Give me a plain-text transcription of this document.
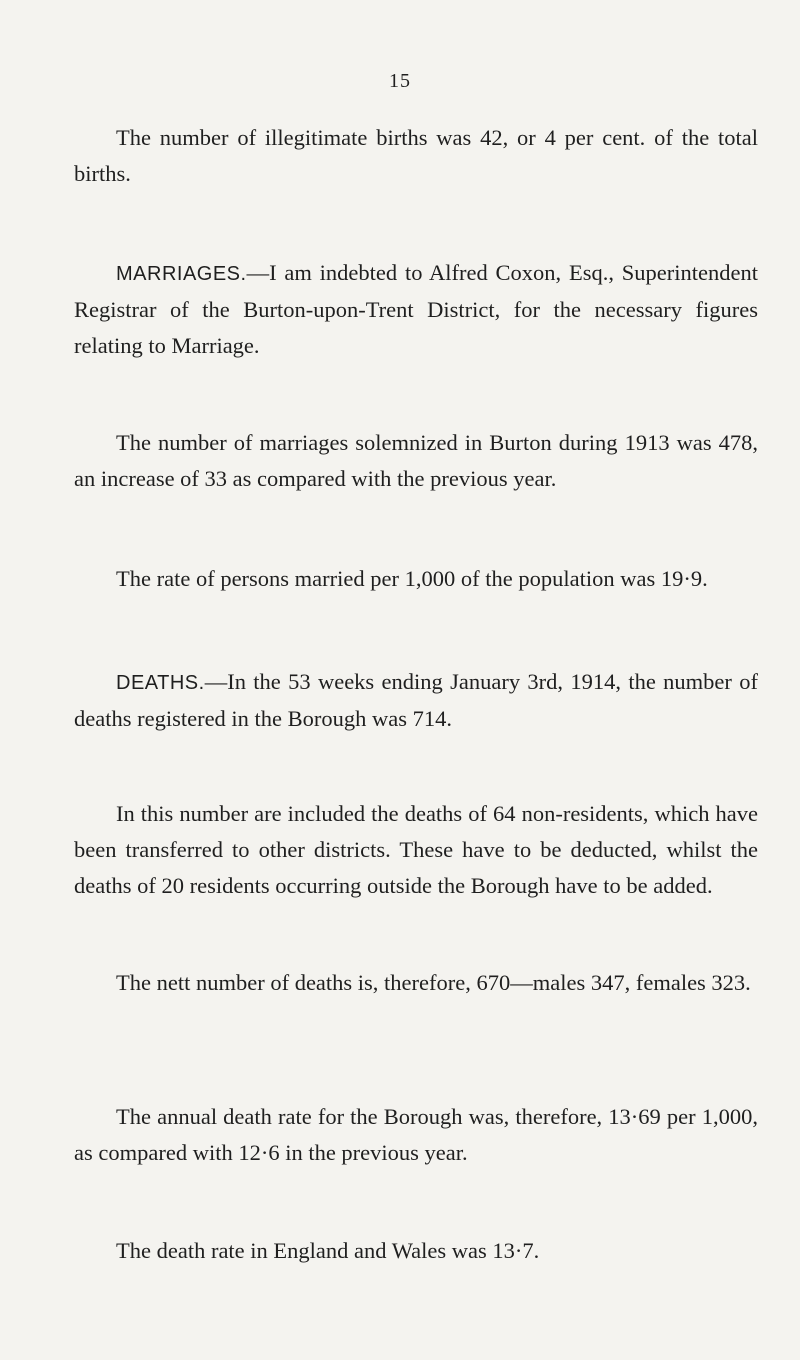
15

The number of illegitimate births was 42, or 4 per cent. of the total births.

MARRIAGES.—I am indebted to Alfred Coxon, Esq., Superintendent Registrar of the Burton-upon-Trent District, for the necessary figures relating to Marriage.

The number of marriages solemnized in Burton during 1913 was 478, an increase of 33 as compared with the previous year.

The rate of persons married per 1,000 of the population was 19·9.

DEATHS.—In the 53 weeks ending January 3rd, 1914, the number of deaths registered in the Borough was 714.

In this number are included the deaths of 64 non-residents, which have been transferred to other districts. These have to be deducted, whilst the deaths of 20 residents occurring outside the Borough have to be added.

The nett number of deaths is, therefore, 670—males 347, females 323.

The annual death rate for the Borough was, therefore, 13·69 per 1,000, as compared with 12·6 in the previous year.

The death rate in England and Wales was 13·7.
